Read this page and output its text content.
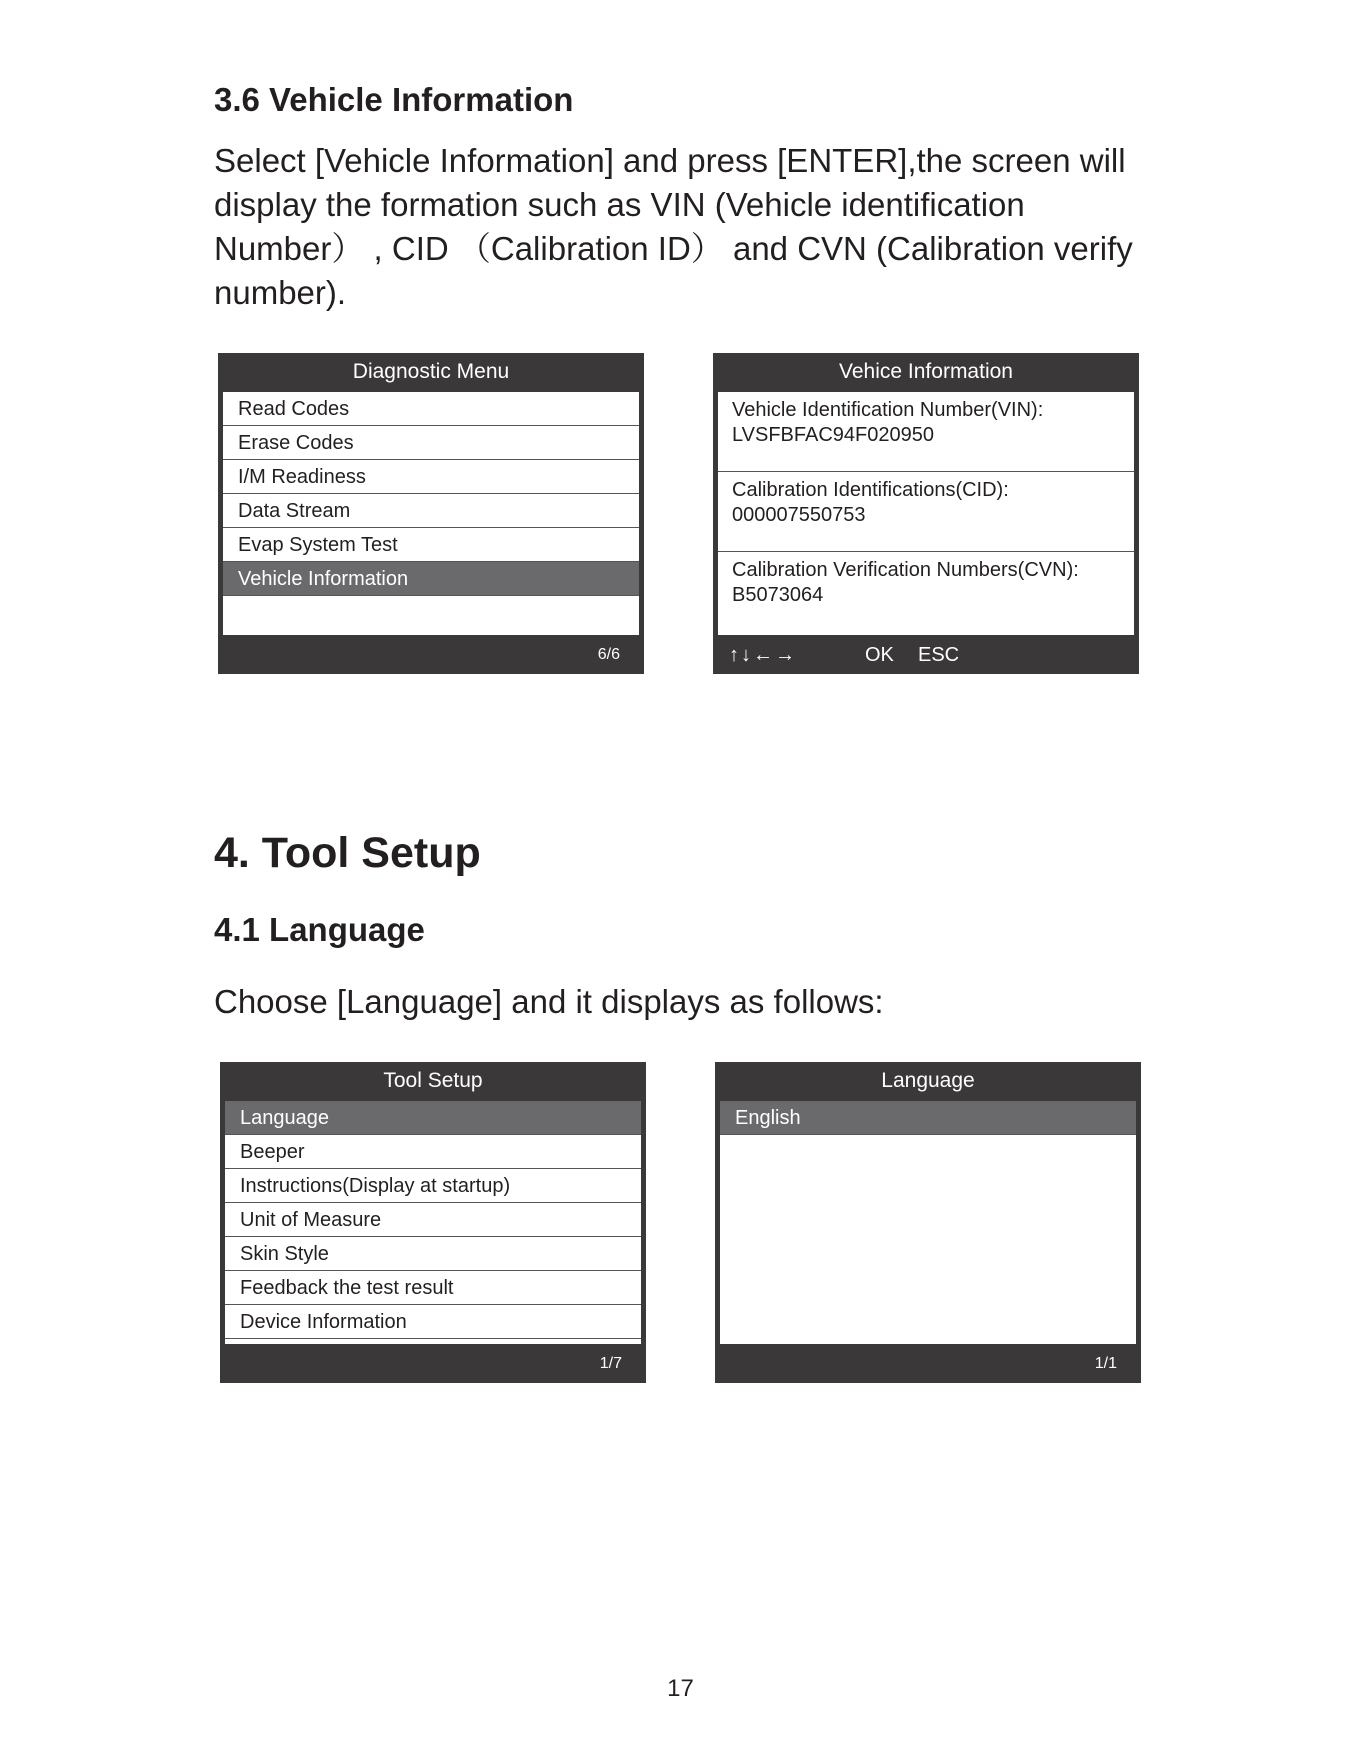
3.6 Vehicle Information

Select [Vehicle Information] and press [ENTER],the screen will

display the formation such as VIN (Vehicle identification

Number） , CID （Calibration ID） and CVN (Calibration verify

number).

Diagnostic Menu
Read Codes
Erase Codes
I/M Readiness
Data Stream
Evap System Test
Vehicle Information
6/6
Vehice Information
Vehicle Identification Number(VIN):
LVSFBFAC94F020950
Calibration Identifications(CID):
000007550753
Calibration Verification Numbers(CVN):
B5073064
↑↓←→	OK ESC
4. Tool Setup
4.1 Language

Choose [Language] and it displays as follows:

Tool Setup
Language
Beeper
Instructions(Display at startup)
Unit of Measure
Skin Style
Feedback the test result
Device Information
1/7
Language
English
1/1
17
